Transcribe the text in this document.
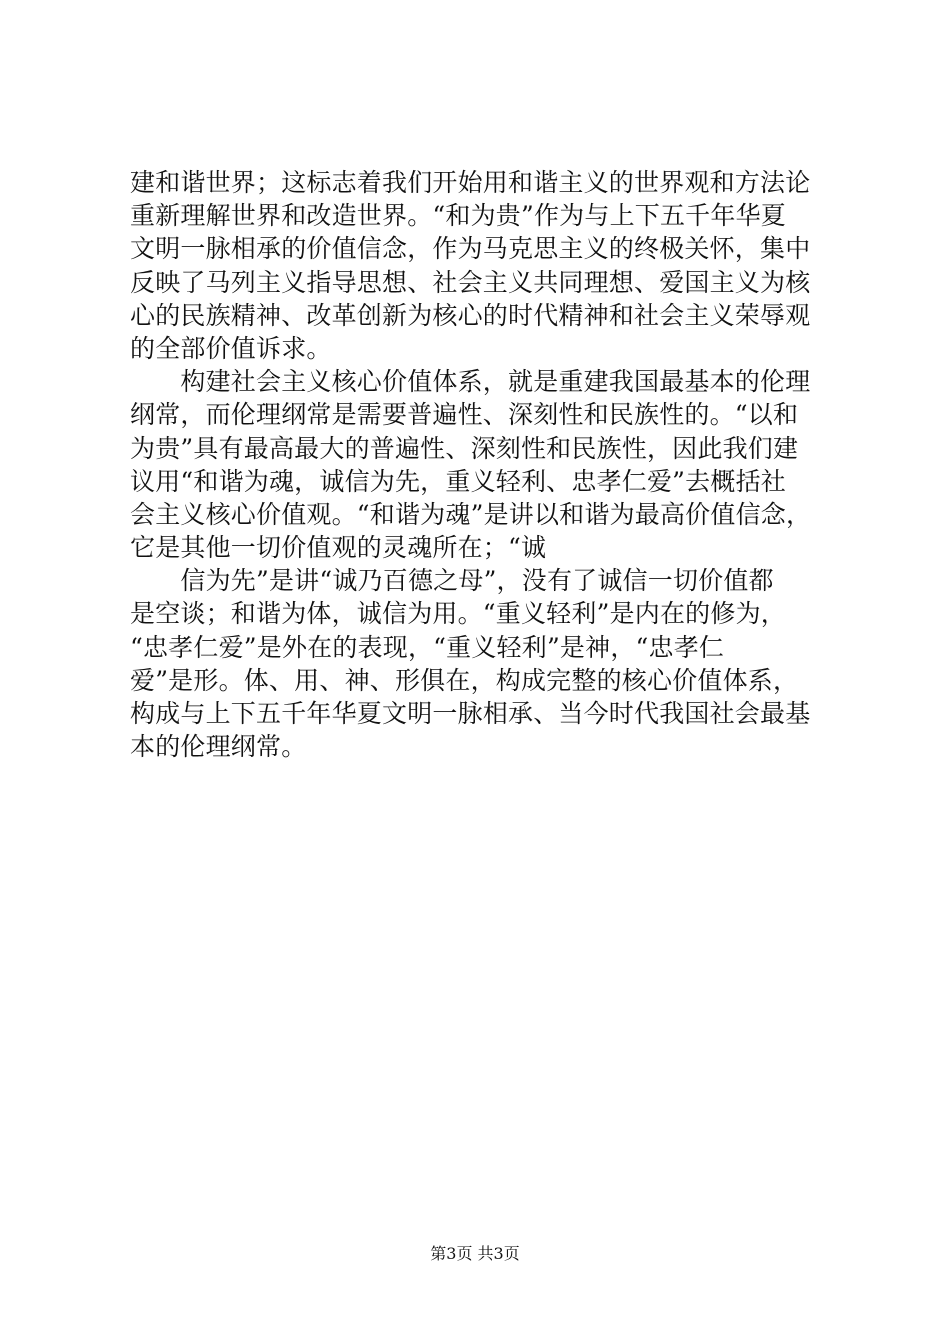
建和谐世界；这标志着我们开始用和谐主义的世界观和方法论
重新理解世界和改造世界。“和为贵”作为与上下五千年华夏
文明一脉相承的价值信念，作为马克思主义的终极关怀，集中
反映了马列主义指导思想、社会主义共同理想、爱国主义为核
心的民族精神、改革创新为核心的时代精神和社会主义荣辱观
的全部价值诉求。
　　构建社会主义核心价值体系，就是重建我国最基本的伦理
纲常，而伦理纲常是需要普遍性、深刻性和民族性的。“以和
为贵”具有最高最大的普遍性、深刻性和民族性，因此我们建
议用“和谐为魂，诚信为先，重义轻利、忠孝仁爱”去概括社
会主义核心价值观。“和谐为魂”是讲以和谐为最高价值信念，
它是其他一切价值观的灵魂所在；“诚
　　信为先”是讲“诚乃百德之母”，没有了诚信一切价值都
是空谈；和谐为体，诚信为用。“重义轻利”是内在的修为，
“忠孝仁爱”是外在的表现，“重义轻利”是神，“忠孝仁
爱”是形。体、用、神、形俱在，构成完整的核心价值体系，
构成与上下五千年华夏文明一脉相承、当今时代我国社会最基
本的伦理纲常。
第3页 共3页
